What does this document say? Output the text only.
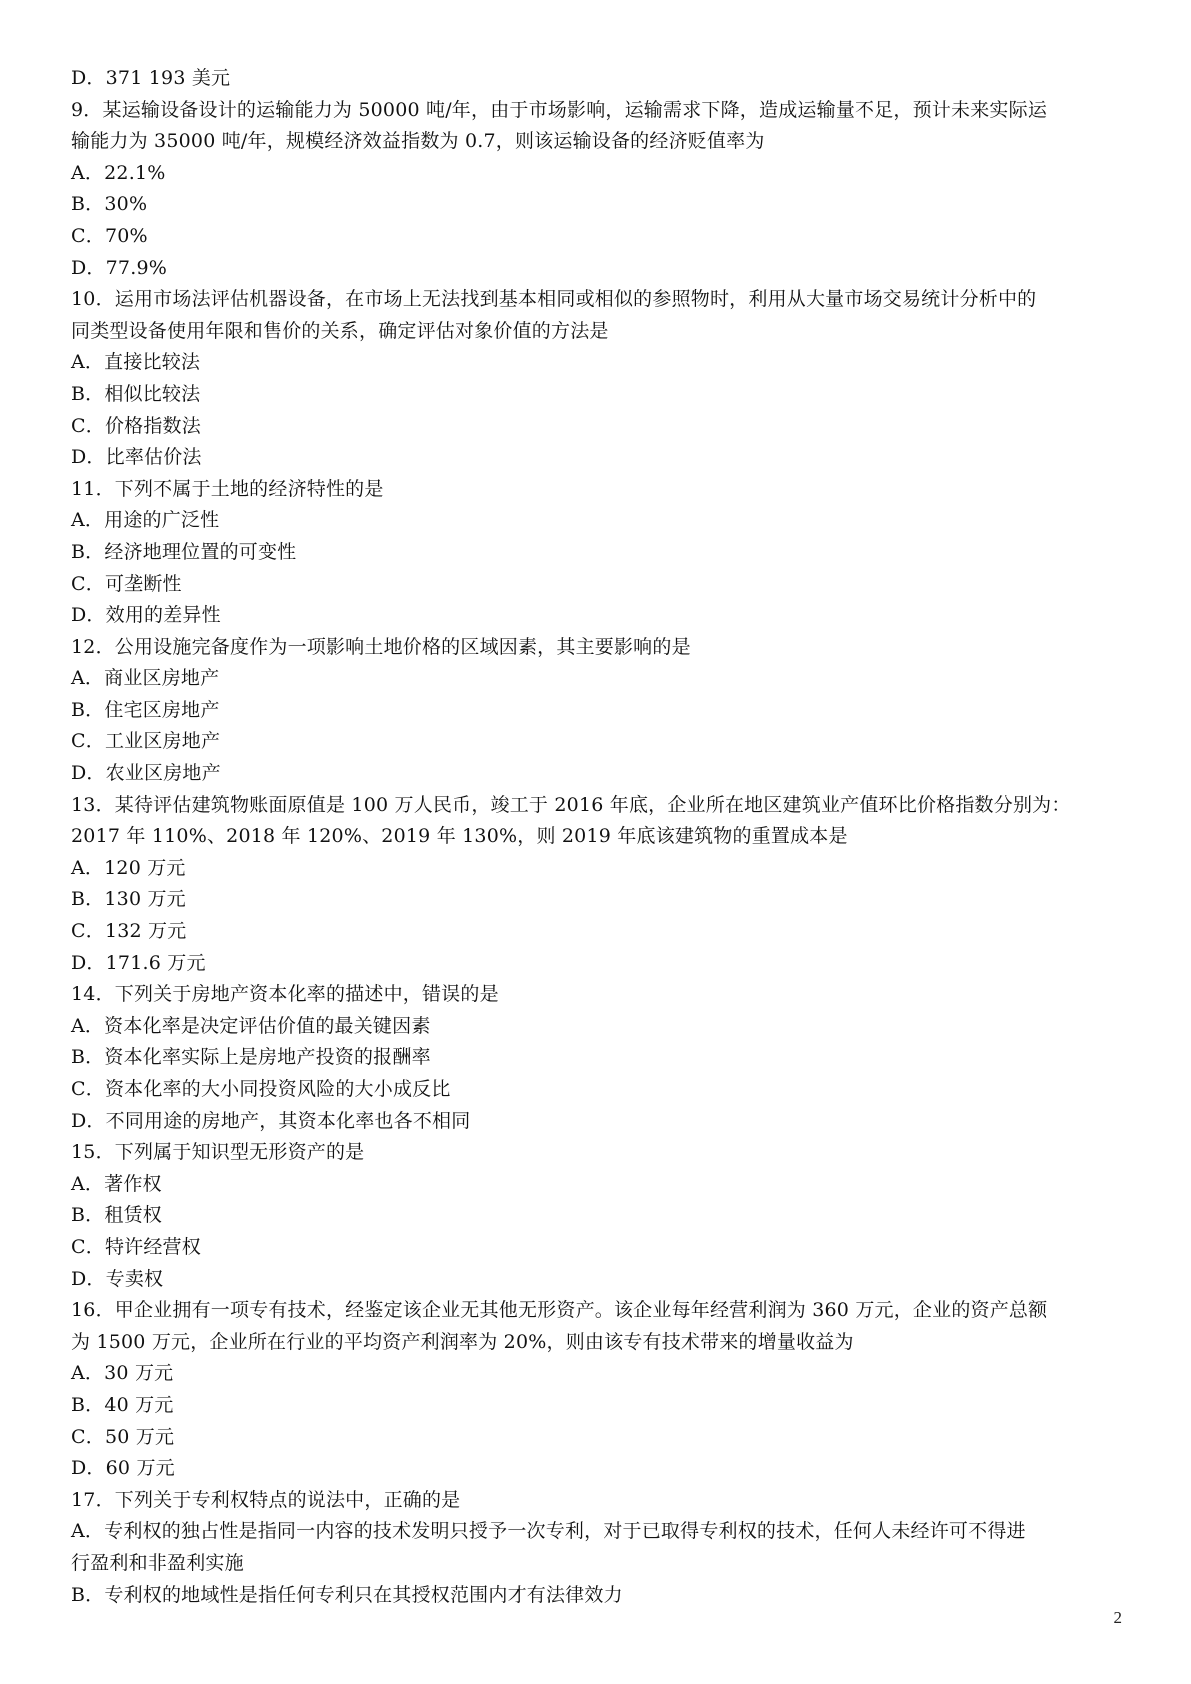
D．371 193 美元
9．某运输设备设计的运输能力为 50000 吨/年，由于市场影响，运输需求下降，造成运输量不足，预计未来实际运
输能力为 35000 吨/年，规模经济效益指数为 0.7，则该运输设备的经济贬值率为
A．22.1%
B．30%
C．70%
D．77.9%
10．运用市场法评估机器设备，在市场上无法找到基本相同或相似的参照物时，利用从大量市场交易统计分析中的
同类型设备使用年限和售价的关系，确定评估对象价值的方法是
A．直接比较法
B．相似比较法
C．价格指数法
D．比率估价法
11．下列不属于土地的经济特性的是
A．用途的广泛性
B．经济地理位置的可变性
C．可垄断性
D．效用的差异性
12．公用设施完备度作为一项影响土地价格的区域因素，其主要影响的是
A．商业区房地产
B．住宅区房地产
C．工业区房地产
D．农业区房地产
13．某待评估建筑物账面原值是 100 万人民币，竣工于 2016 年底，企业所在地区建筑业产值环比价格指数分别为：
2017 年 110%、2018 年 120%、2019 年 130%，则 2019 年底该建筑物的重置成本是
A．120 万元
B．130 万元
C．132 万元
D．171.6 万元
14．下列关于房地产资本化率的描述中，错误的是
A．资本化率是决定评估价值的最关键因素
B．资本化率实际上是房地产投资的报酬率
C．资本化率的大小同投资风险的大小成反比
D．不同用途的房地产，其资本化率也各不相同
15．下列属于知识型无形资产的是
A．著作权
B．租赁权
C．特许经营权
D．专卖权
16．甲企业拥有一项专有技术，经鉴定该企业无其他无形资产。该企业每年经营利润为 360 万元，企业的资产总额
为 1500 万元，企业所在行业的平均资产利润率为 20%，则由该专有技术带来的增量收益为
A．30 万元
B．40 万元
C．50 万元
D．60 万元
17．下列关于专利权特点的说法中，正确的是
A．专利权的独占性是指同一内容的技术发明只授予一次专利，对于已取得专利权的技术，任何人未经许可不得进
行盈利和非盈利实施
B．专利权的地域性是指任何专利只在其授权范围内才有法律效力
2
